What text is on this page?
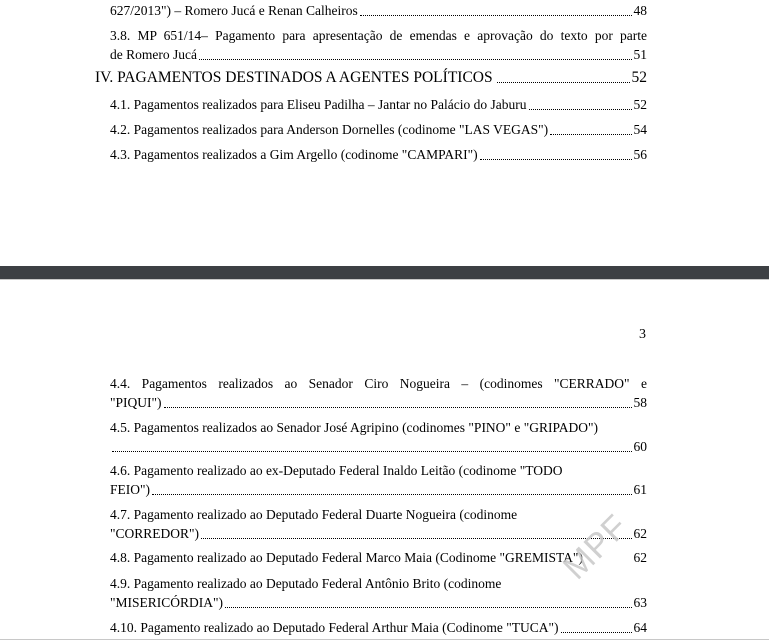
627/2013") – Romero Jucá e Renan Calheiros	48
3.8. MP 651/14– Pagamento para apresentação de emendas e aprovação do texto por parte
de Romero Jucá	51
IV. PAGAMENTOS DESTINADOS A AGENTES POLÍTICOS	52
4.1. Pagamentos realizados para Eliseu Padilha – Jantar no Palácio do Jaburu	52
4.2. Pagamentos realizados para Anderson Dornelles (codinome "LAS VEGAS")	54
4.3. Pagamentos realizados a Gim Argello (codinome "CAMPARI")	56
3
4.4. Pagamentos realizados ao Senador Ciro Nogueira – (codinomes "CERRADO" e
"PIQUI")	58
4.5. Pagamentos realizados ao Senador José Agripino (codinomes "PINO" e "GRIPADO")
60
4.6. Pagamento realizado ao ex-Deputado Federal Inaldo Leitão (codinome "TODO
FEIO")	61
4.7. Pagamento realizado ao Deputado Federal Duarte Nogueira (codinome
"CORREDOR")	62
4.8. Pagamento realizado ao Deputado Federal Marco Maia (Codinome "GREMISTA")	62
4.9. Pagamento realizado ao Deputado Federal Antônio Brito (codinome
"MISERICÓRDIA")	63
4.10. Pagamento realizado ao Deputado Federal Arthur Maia (Codinome "TUCA")	64
MPF
